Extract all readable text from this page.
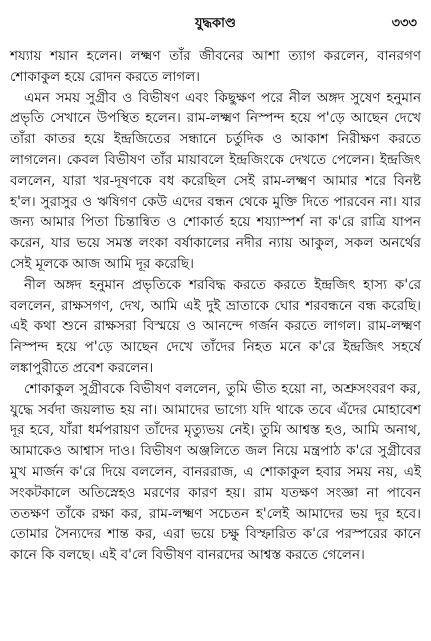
যুদ্ধকাণ্ড	৩৩৩

শয্যায় শয়ান হলেন। লক্ষ্মণ তাঁর জীবনের আশা ত্যাগ করলেন, বানরগণ শোকাকুল হয়ে রোদন করতে লাগল।

এমন সময় সুগ্রীব ও বিভীষণ এবং কিছুক্ষণ পরে নীল অঙ্গদ সুষেণ হনুমান প্রভৃতি সেখানে উপস্থিত হলেন। রাম-লক্ষ্মণ নিস্পন্দ হয়ে প'ড়ে আছেন দেখে তাঁরা কাতর হয়ে ইন্দ্রজিতের সন্ধানে চর্তুদিক ও আকাশ নিরীক্ষণ করতে লাগলেন। কেবল বিভীষণ তাঁর মায়াবলে ইন্দ্রজিংকে দেখতে পেলেন। ইন্দ্রজিৎ বললেন, যারা খর-দূষণকে বধ করেছিল সেই রাম-লক্ষ্মণ আমার শরে বিনষ্ট হ'ল। সুরাসুর ও ঋষিগণ কেউ এদের বন্ধন থেকে মুক্তি দিতে পারবেন না। যার জন্য আমার পিতা চিন্তান্বিত ও শোকার্ত হয়ে শয্যাস্পর্শ না ক'রে রাত্রি যাপন করেন, যার ভয়ে সমস্ত লংকা বর্ষাকালের নদীর ন্যায় আকুল, সকল অনর্থের সেই মূলকে আজ আমি দূর করেছি।

নীল অঙ্গদ হনুমান প্রভৃতিকে শরবিদ্ধ করতে করতে ইন্দ্রজিৎ হাস্য ক'রে বললেন, রাক্ষসগণ, দেখ, আমি এই দুই ভ্রাতাকে ঘোর শরবন্ধনে বন্ধ করেছি। এই কথা শুনে রাক্ষসরা বিস্ময়ে ও আনন্দে গর্জন করতে লাগল। রাম-লক্ষ্মণ নিস্পন্দ হয়ে প'ড়ে আছেন দেখে তাঁদের নিহত মনে ক'রে ইন্দ্রজিৎ সহর্ষে লঙ্কাপুরীতে প্রবেশ করলেন।

শোকাকুল সুগ্রীবকে বিভীষণ বললেন, তুমি ভীত হয়ো না, অশ্রুসংবরণ কর, যুদ্ধে সর্বদা জয়লাভ হয় না। আমাদের ভাগ্যে যদি থাকে তবে এঁদের মোহাবেশ দূর হবে, যাঁরা ধর্মপরায়ণ তাঁদের মৃত্যুভয় নেই। তুমি আশ্বস্ত হও, আমি অনাথ, আমাকেও আশ্বাস দাও। বিভীষণ অঞ্জলিতে জল নিয়ে মন্ত্রপাঠ ক'রে সুগ্রীবের মুখ মার্জন ক'রে দিয়ে বললেন, বানররাজ, এ শোকাকুল হবার সময় নয়, এই সংকটকালে অতিস্নেহও মরণের কারণ হয়। রাম যতক্ষণ সংজ্ঞা না পাবেন ততক্ষণ তাঁকে রক্ষা কর, রাম-লক্ষ্মণ সচেতন হ'লেই আমাদের ভয় দূর হবে। তোমার সৈন্যদের শান্ত কর, এরা ভয়ে চক্ষু বিস্ফারিত ক'রে পরস্পরের কানে কানে কি বলছে। এই ব'লে বিভীষণ বানরদের আশ্বস্ত করতে গেলেন।
